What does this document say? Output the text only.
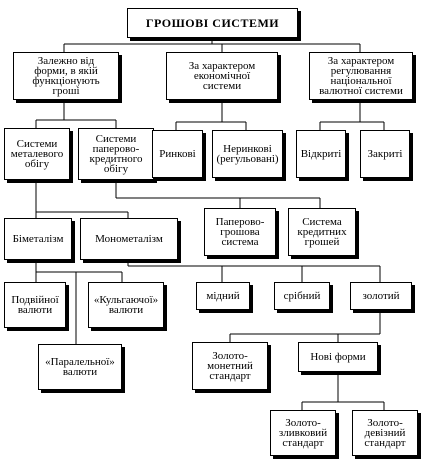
ГРОШОВІ СИСТЕМИ
Залежно від
форми, в якій
функціонують
гроші
За характером
економічної
системи
За характером
регулювання
національної
валютної системи
Системи
металевого
обігу
Системи
паперово-
кредитного
обігу
Ринкові	Неринкові
(регульовані)	Відкриті	Закриті
Біметалізм	Монометалізм
Паперово-
грошова
система
Система
кредитних
грошей
Подвійної
валюти
«Паралельної»
валюти
«Кульгаючої»
валюти
мідний	срібний	золотий
Золото-
монетний
стандарт
Нові форми
Золото-
зливковий
стандарт
Золото-
девізний
стандарт
